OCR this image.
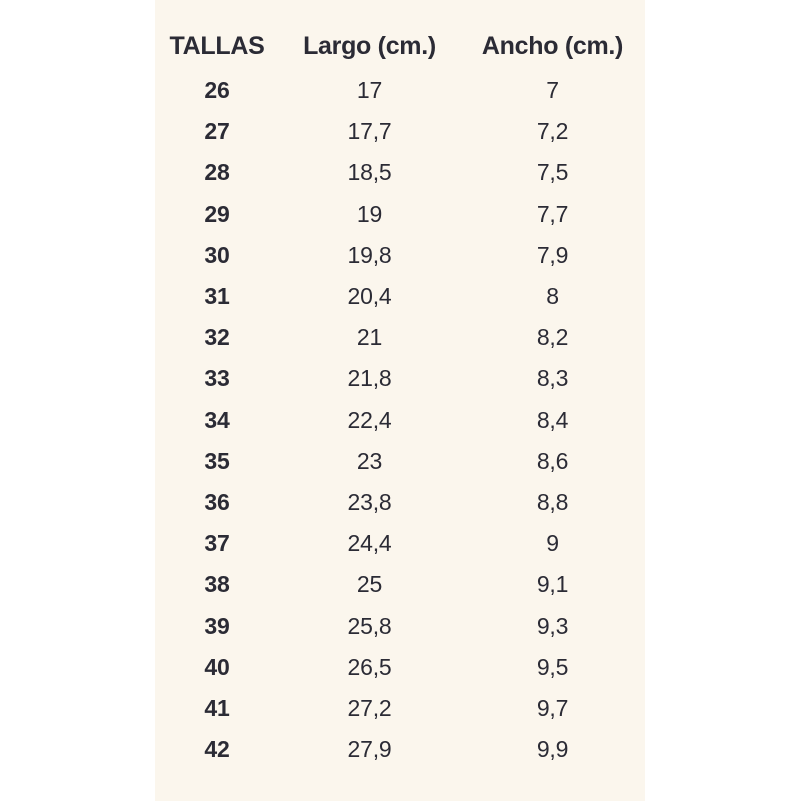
TALLAS	Largo (cm.)	Ancho (cm.)
26	17	7
27	17,7	7,2
28	18,5	7,5
29	19	7,7
30	19,8	7,9
31	20,4	8
32	21	8,2
33	21,8	8,3
34	22,4	8,4
35	23	8,6
36	23,8	8,8
37	24,4	9
38	25	9,1
39	25,8	9,3
40	26,5	9,5
41	27,2	9,7
42	27,9	9,9
